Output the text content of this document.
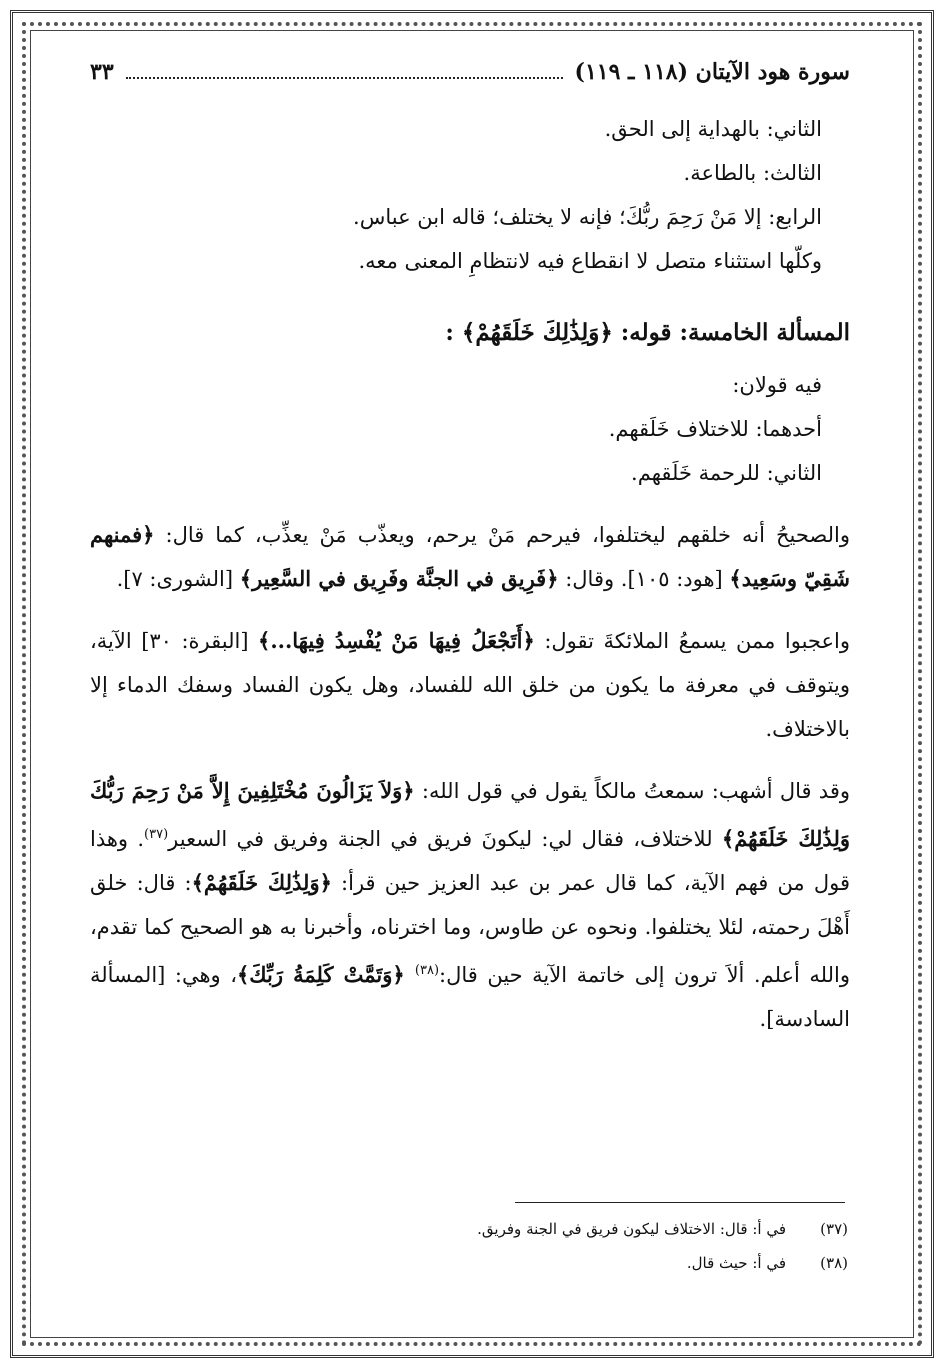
سورة هود الآيتان (١١٨ ـ ١١٩)
٣٣
الثاني: بالهداية إلى الحق.
الثالث: بالطاعة.
الرابع: إلا مَنْ رَحِمَ ربُّكَ؛ فإنه لا يختلف؛ قاله ابن عباس.
وكلّها استثناء متصل لا انقطاع فيه لانتظامِ المعنى معه.
المسألة الخامسة: قوله: ﴿وَلِذَٰلِكَ خَلَقَهُمْ﴾ :
فيه قولان:
أحدهما: للاختلاف خَلَقهم.
الثاني: للرحمة خَلَقهم.
والصحيحُ أنه خلقهم ليختلفوا، فيرحم مَنْ يرحم، ويعذّب مَنْ يعذِّب، كما قال: ﴿فمنهم شَقِيّ وسَعِيد﴾ [هود: ١٠٥]. وقال: ﴿فَرِيق في الجنَّة وفَرِيق في السَّعِير﴾ [الشورى: ٧].
واعجبوا ممن يسمعُ الملائكةَ تقول: ﴿أَتَجْعَلُ فِيهَا مَنْ يُفْسِدُ فِيهَا...﴾ [البقرة: ٣٠] الآية، ويتوقف في معرفة ما يكون من خلق الله للفساد، وهل يكون الفساد وسفك الدماء إلا بالاختلاف.
وقد قال أشهب: سمعتُ مالكاً يقول في قول الله: ﴿وَلاَ يَزَالُونَ مُخْتَلِفِينَ إِلاَّ مَنْ رَحِمَ رَبُّكَ وَلِذَٰلِكَ خَلَقَهُمْ﴾ للاختلاف، فقال لي: ليكونَ فريق في الجنة وفريق في السعير$^{(٣٧)}$. وهذا قول من فهم الآية، كما قال عمر بن عبد العزيز حين قرأ: ﴿وَلِذَٰلِكَ خَلَقَهُمْ﴾: قال: خلق أَهْلَ رحمته، لئلا يختلفوا. ونحوه عن طاوس، وما اخترناه، وأخبرنا به هو الصحيح كما تقدم، والله أعلم. ألاَ ترون إلى خاتمة الآية حين قال:$^{(٣٨)}$ ﴿وَتَمَّتْ كَلِمَةُ رَبِّكَ﴾، وهي: [المسألة السادسة].
(٣٧)في أ: قال: الاختلاف ليكون فريق في الجنة وفريق.
(٣٨)في أ: حيث قال.
